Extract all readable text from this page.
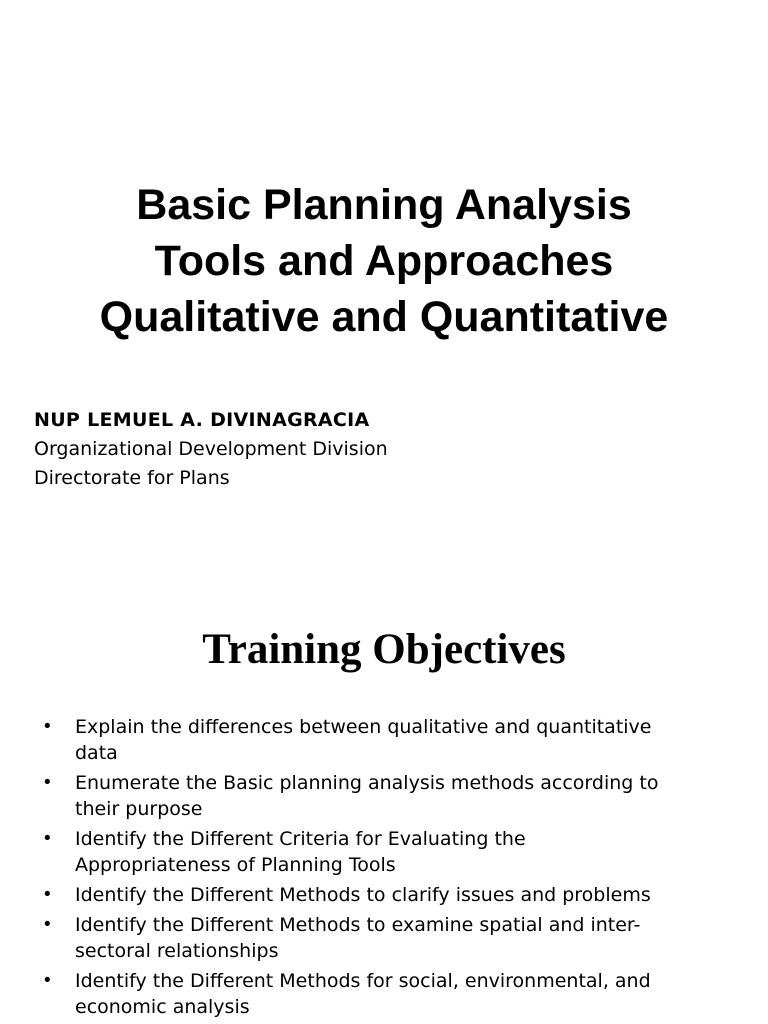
Basic Planning Analysis
Tools and Approaches
Qualitative and Quantitative
NUP LEMUEL A. DIVINAGRACIA
Organizational Development Division
Directorate for Plans
Training Objectives
• Explain the differences between qualitative and quantitative
data
• Enumerate the Basic planning analysis methods according to
their purpose
• Identify the Different Criteria for Evaluating the
Appropriateness of Planning Tools
• Identify the Different Methods to clarify issues and problems
• Identify the Different Methods to examine spatial and inter-
sectoral relationships
• Identify the Different Methods for social, environmental, and
economic analysis
